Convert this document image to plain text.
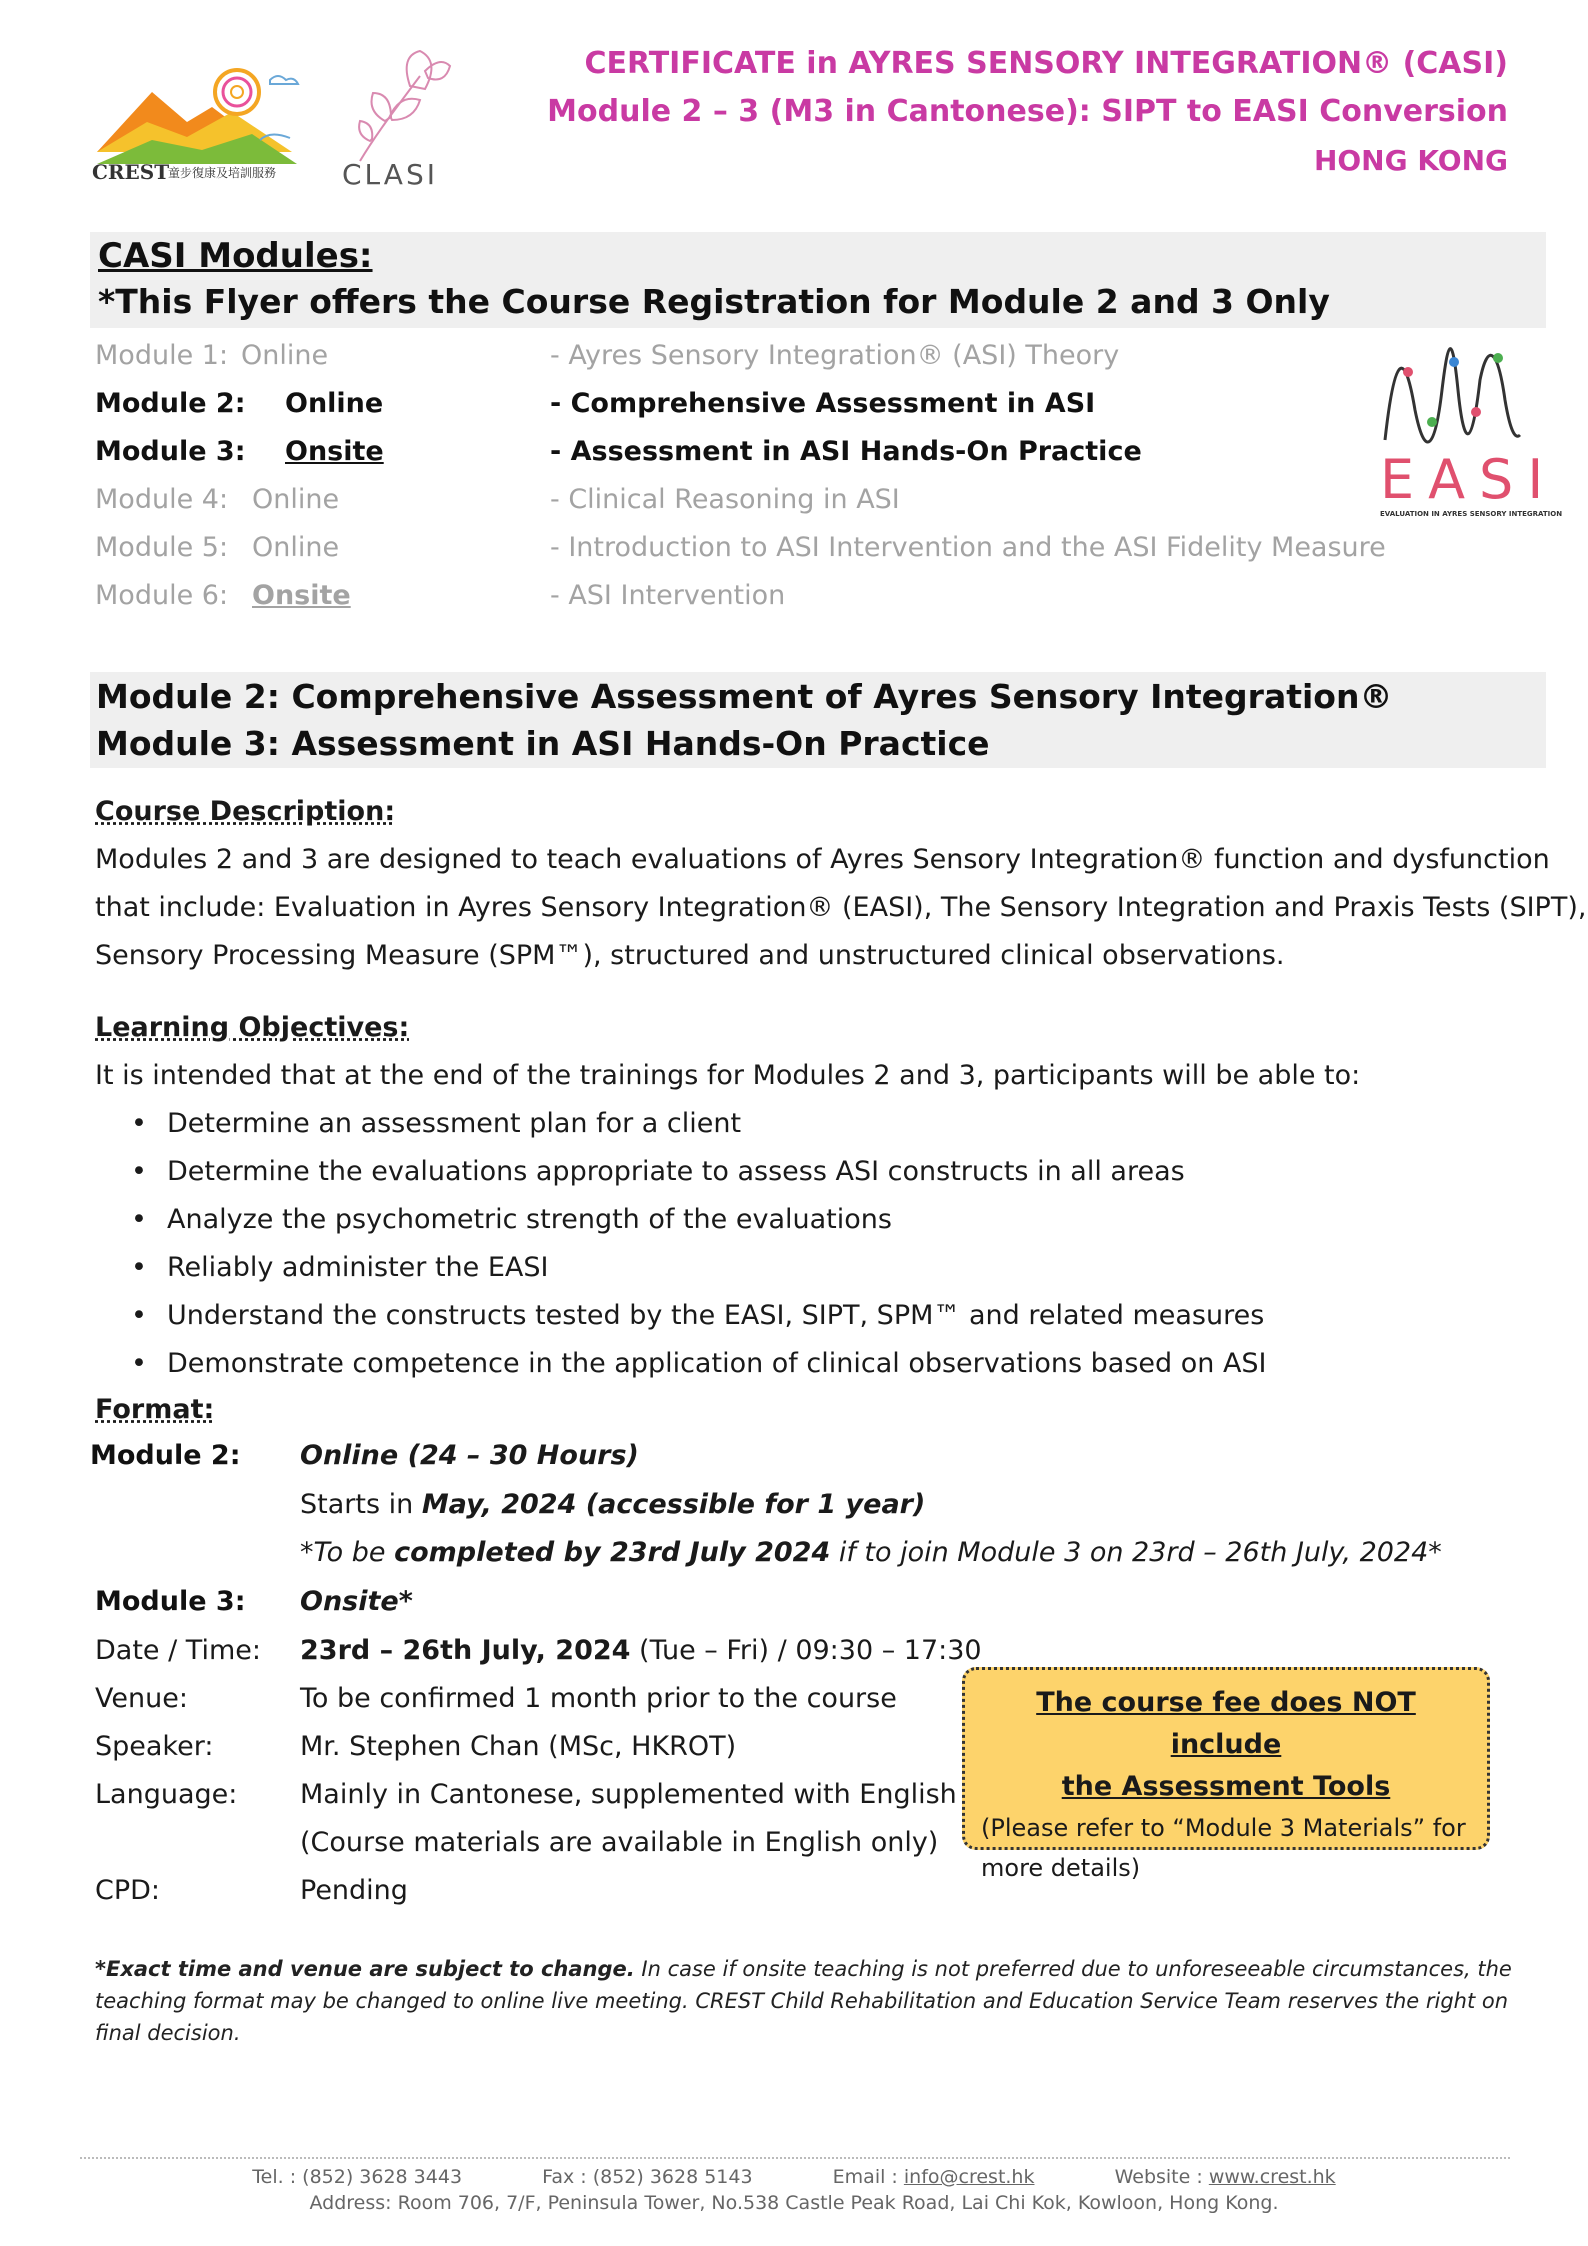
CREST
童步復康及培訓服務 CLASI
CERTIFICATE in AYRES SENSORY INTEGRATION® (CASI)
Module 2 – 3 (M3 in Cantonese): SIPT to EASI Conversion
HONG KONG
CASI Modules:
*This Flyer offers the Course Registration for Module 2 and 3 Only
Module 1: Online	- Ayres Sensory Integration® (ASI) Theory
Module 2: Online	- Comprehensive Assessment in ASI
Module 3: Onsite	- Assessment in ASI Hands-On Practice
Module 4: Online	- Clinical Reasoning in ASI
Module 5: Online	- Introduction to ASI Intervention and the ASI Fidelity Measure
Module 6: Onsite	- ASI Intervention
EASI
EVALUATION IN AYRES SENSORY INTEGRATION
Module 2: Comprehensive Assessment of Ayres Sensory Integration®
Module 3: Assessment in ASI Hands-On Practice
Course Description:
Modules 2 and 3 are designed to teach evaluations of Ayres Sensory Integration® function and dysfunction
that include: Evaluation in Ayres Sensory Integration® (EASI), The Sensory Integration and Praxis Tests (SIPT),
Sensory Processing Measure (SPM™), structured and unstructured clinical observations.
Learning Objectives:
It is intended that at the end of the trainings for Modules 2 and 3, participants will be able to:
• Determine an assessment plan for a client
• Determine the evaluations appropriate to assess ASI constructs in all areas
• Analyze the psychometric strength of the evaluations
• Reliably administer the EASI
• Understand the constructs tested by the EASI, SIPT, SPM™ and related measures
• Demonstrate competence in the application of clinical observations based on ASI
Format:
Module 2: Online (24 – 30 Hours)
Starts in May, 2024 (accessible for 1 year)
*To be completed by 23rd July 2024 if to join Module 3 on 23rd – 26th July, 2024*
Module 3: Onsite*
Date / Time: 23rd – 26th July, 2024 (Tue – Fri) / 09:30 – 17:30
Venue:	To be confirmed 1 month prior to the course
Speaker:	Mr. Stephen Chan (MSc, HKROT)
Language: Mainly in Cantonese, supplemented with English
(Course materials are available in English only)
CPD:	Pending
The course fee does NOT include
the Assessment Tools
(Please refer to “Module 3 Materials” for
more details)
*Exact time and venue are subject to change. In case if onsite teaching is not preferred due to unforeseeable circumstances, the teaching format may be changed to online live meeting. CREST Child Rehabilitation and Education Service Team reserves the right on final decision.
Tel. : (852) 3628 3443	Fax : (852) 3628 5143	Email : info@crest.hk	Website : www.crest.hk
Address: Room 706, 7/F, Peninsula Tower, No.538 Castle Peak Road, Lai Chi Kok, Kowloon, Hong Kong.
